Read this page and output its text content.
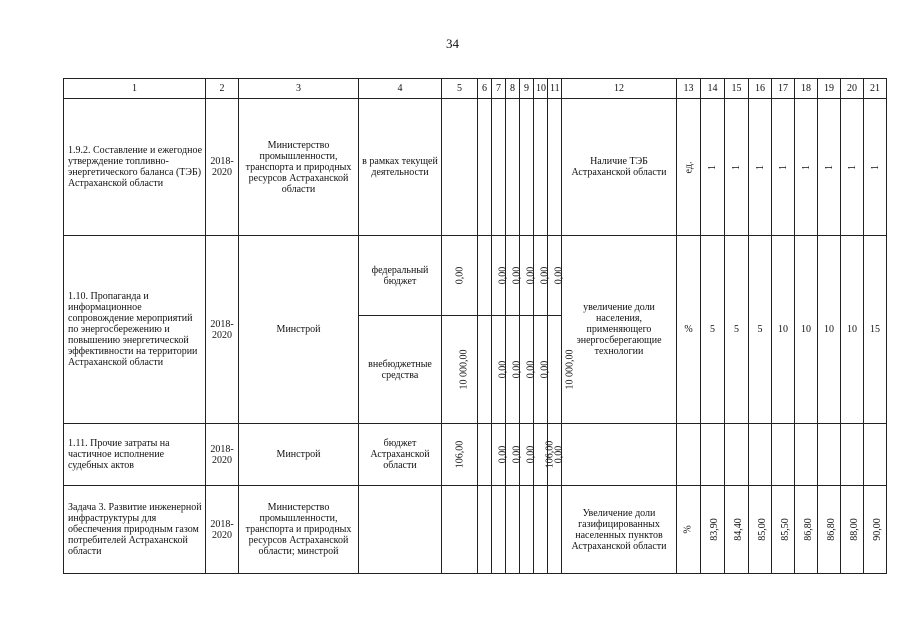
34
1	2	3	4	5	6	7	8	9	10	11	12	13	14	15	16	17	18	19	20	21
1.9.2. Составление и ежегодное утверждение топливно-энергетического баланса (ТЭБ) Астраханской области	2018-2020	Министерство промышленности, транспорта и природных ресурсов Астраханской области	в рамках текущей деятельности								Наличие ТЭБ Астраханской области	ед.	1	1	1	1	1	1	1	1
1.10. Пропаганда и информационное сопровождение мероприятий по энергосбережению и повышению энергетической эффективности на территории Астраханской области	2018-2020	Минстрой	федеральный бюджет	0,00		0,00	0,00	0,00	0,00	0,00	увеличение доли населения, применяющего энергосберегающие технологии	%	5	5	5	10	10	10	10	15
			внебюджетные средства	10 000,00		0,00	0,00	0,00	0,00	10 000,00										
1.11. Прочие затраты на частичное исполнение судебных актов	2018-2020	Минстрой	бюджет Астраханской области	106,00		0,00	0,00	0,00	106,00	0,00										
Задача 3. Развитие инженерной инфраструктуры для обеспечения природным газом потребителей Астраханской области	2018-2020	Министерство промышленности, транспорта и природных ресурсов Астраханской области; минстрой									Увеличение доли газифицированных населенных пунктов Астраханской области	%	83,90	84,40	85,00	85,50	86,80	86,80	88,00	90,00
